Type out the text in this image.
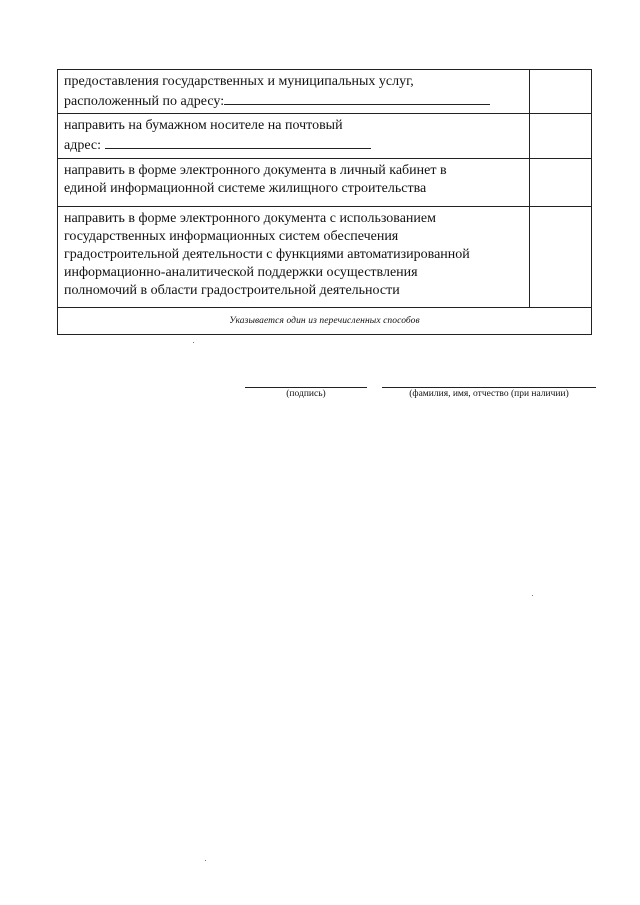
предоставления государственных и муниципальных услуг,
расположенный по адресу:
направить на бумажном носителе на почтовый
адрес:
направить в форме электронного документа в личный кабинет в
единой информационной системе жилищного строительства
направить в форме электронного документа с использованием
государственных информационных систем обеспечения
градостроительной деятельности с функциями автоматизированной
информационно-аналитической поддержки осуществления
полномочий в области градостроительной деятельности
Указывается один из перечисленных способов
(подпись)	(фамилия, имя, отчество (при наличии)
